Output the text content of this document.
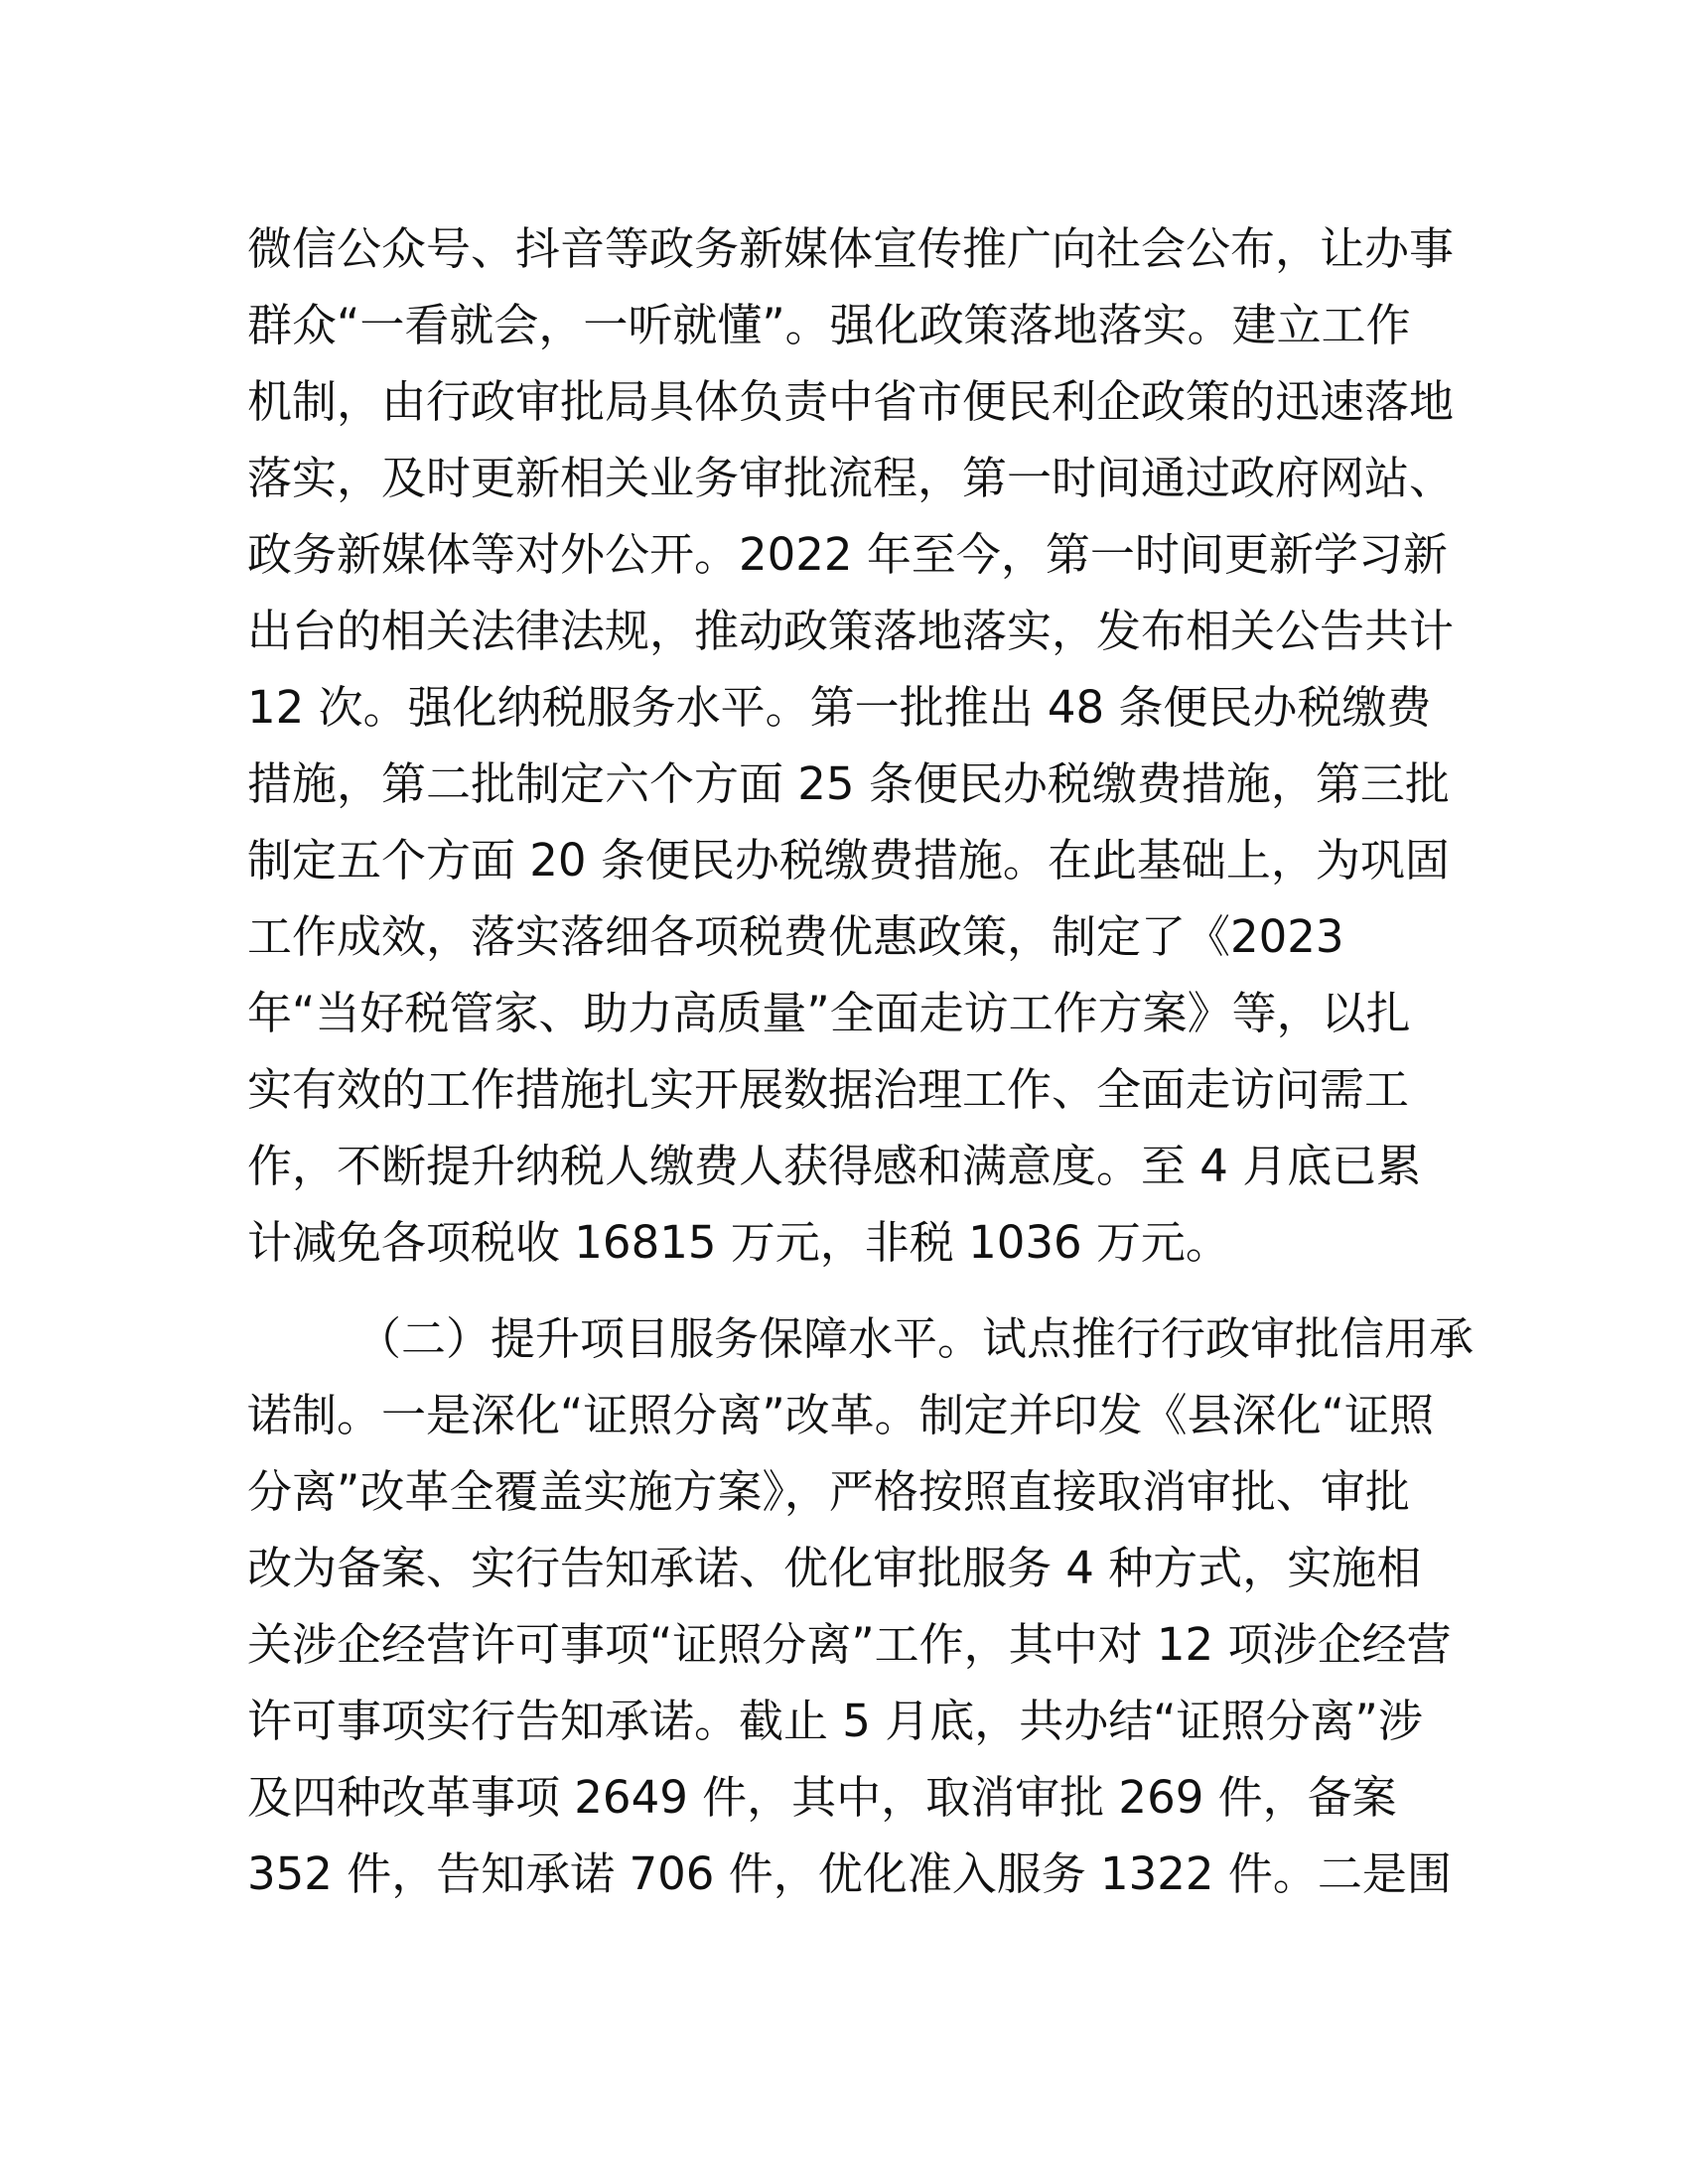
微信公众号、抖音等政务新媒体宣传推广向社会公布，让办事
群众“一看就会，一听就懂”。强化政策落地落实。建立工作
机制，由行政审批局具体负责中省市便民利企政策的迅速落地
落实，及时更新相关业务审批流程，第一时间通过政府网站、
政务新媒体等对外公开。2022 年至今，第一时间更新学习新
出台的相关法律法规，推动政策落地落实，发布相关公告共计
12 次。强化纳税服务水平。第一批推出 48 条便民办税缴费
措施，第二批制定六个方面 25 条便民办税缴费措施，第三批
制定五个方面 20 条便民办税缴费措施。在此基础上，为巩固
工作成效，落实落细各项税费优惠政策，制定了《2023
年“当好税管家、助力高质量”全面走访工作方案》等，以扎
实有效的工作措施扎实开展数据治理工作、全面走访问需工
作，不断提升纳税人缴费人获得感和满意度。至 4 月底已累
计减免各项税收 16815 万元，非税 1036 万元。
（二）提升项目服务保障水平。试点推行行政审批信用承
诺制。一是深化“证照分离”改革。制定并印发《县深化“证照
分离”改革全覆盖实施方案》，严格按照直接取消审批、审批
改为备案、实行告知承诺、优化审批服务 4 种方式，实施相
关涉企经营许可事项“证照分离”工作，其中对 12 项涉企经营
许可事项实行告知承诺。截止 5 月底，共办结“证照分离”涉
及四种改革事项 2649 件，其中，取消审批 269 件，备案
352 件，告知承诺 706 件，优化准入服务 1322 件。二是围
